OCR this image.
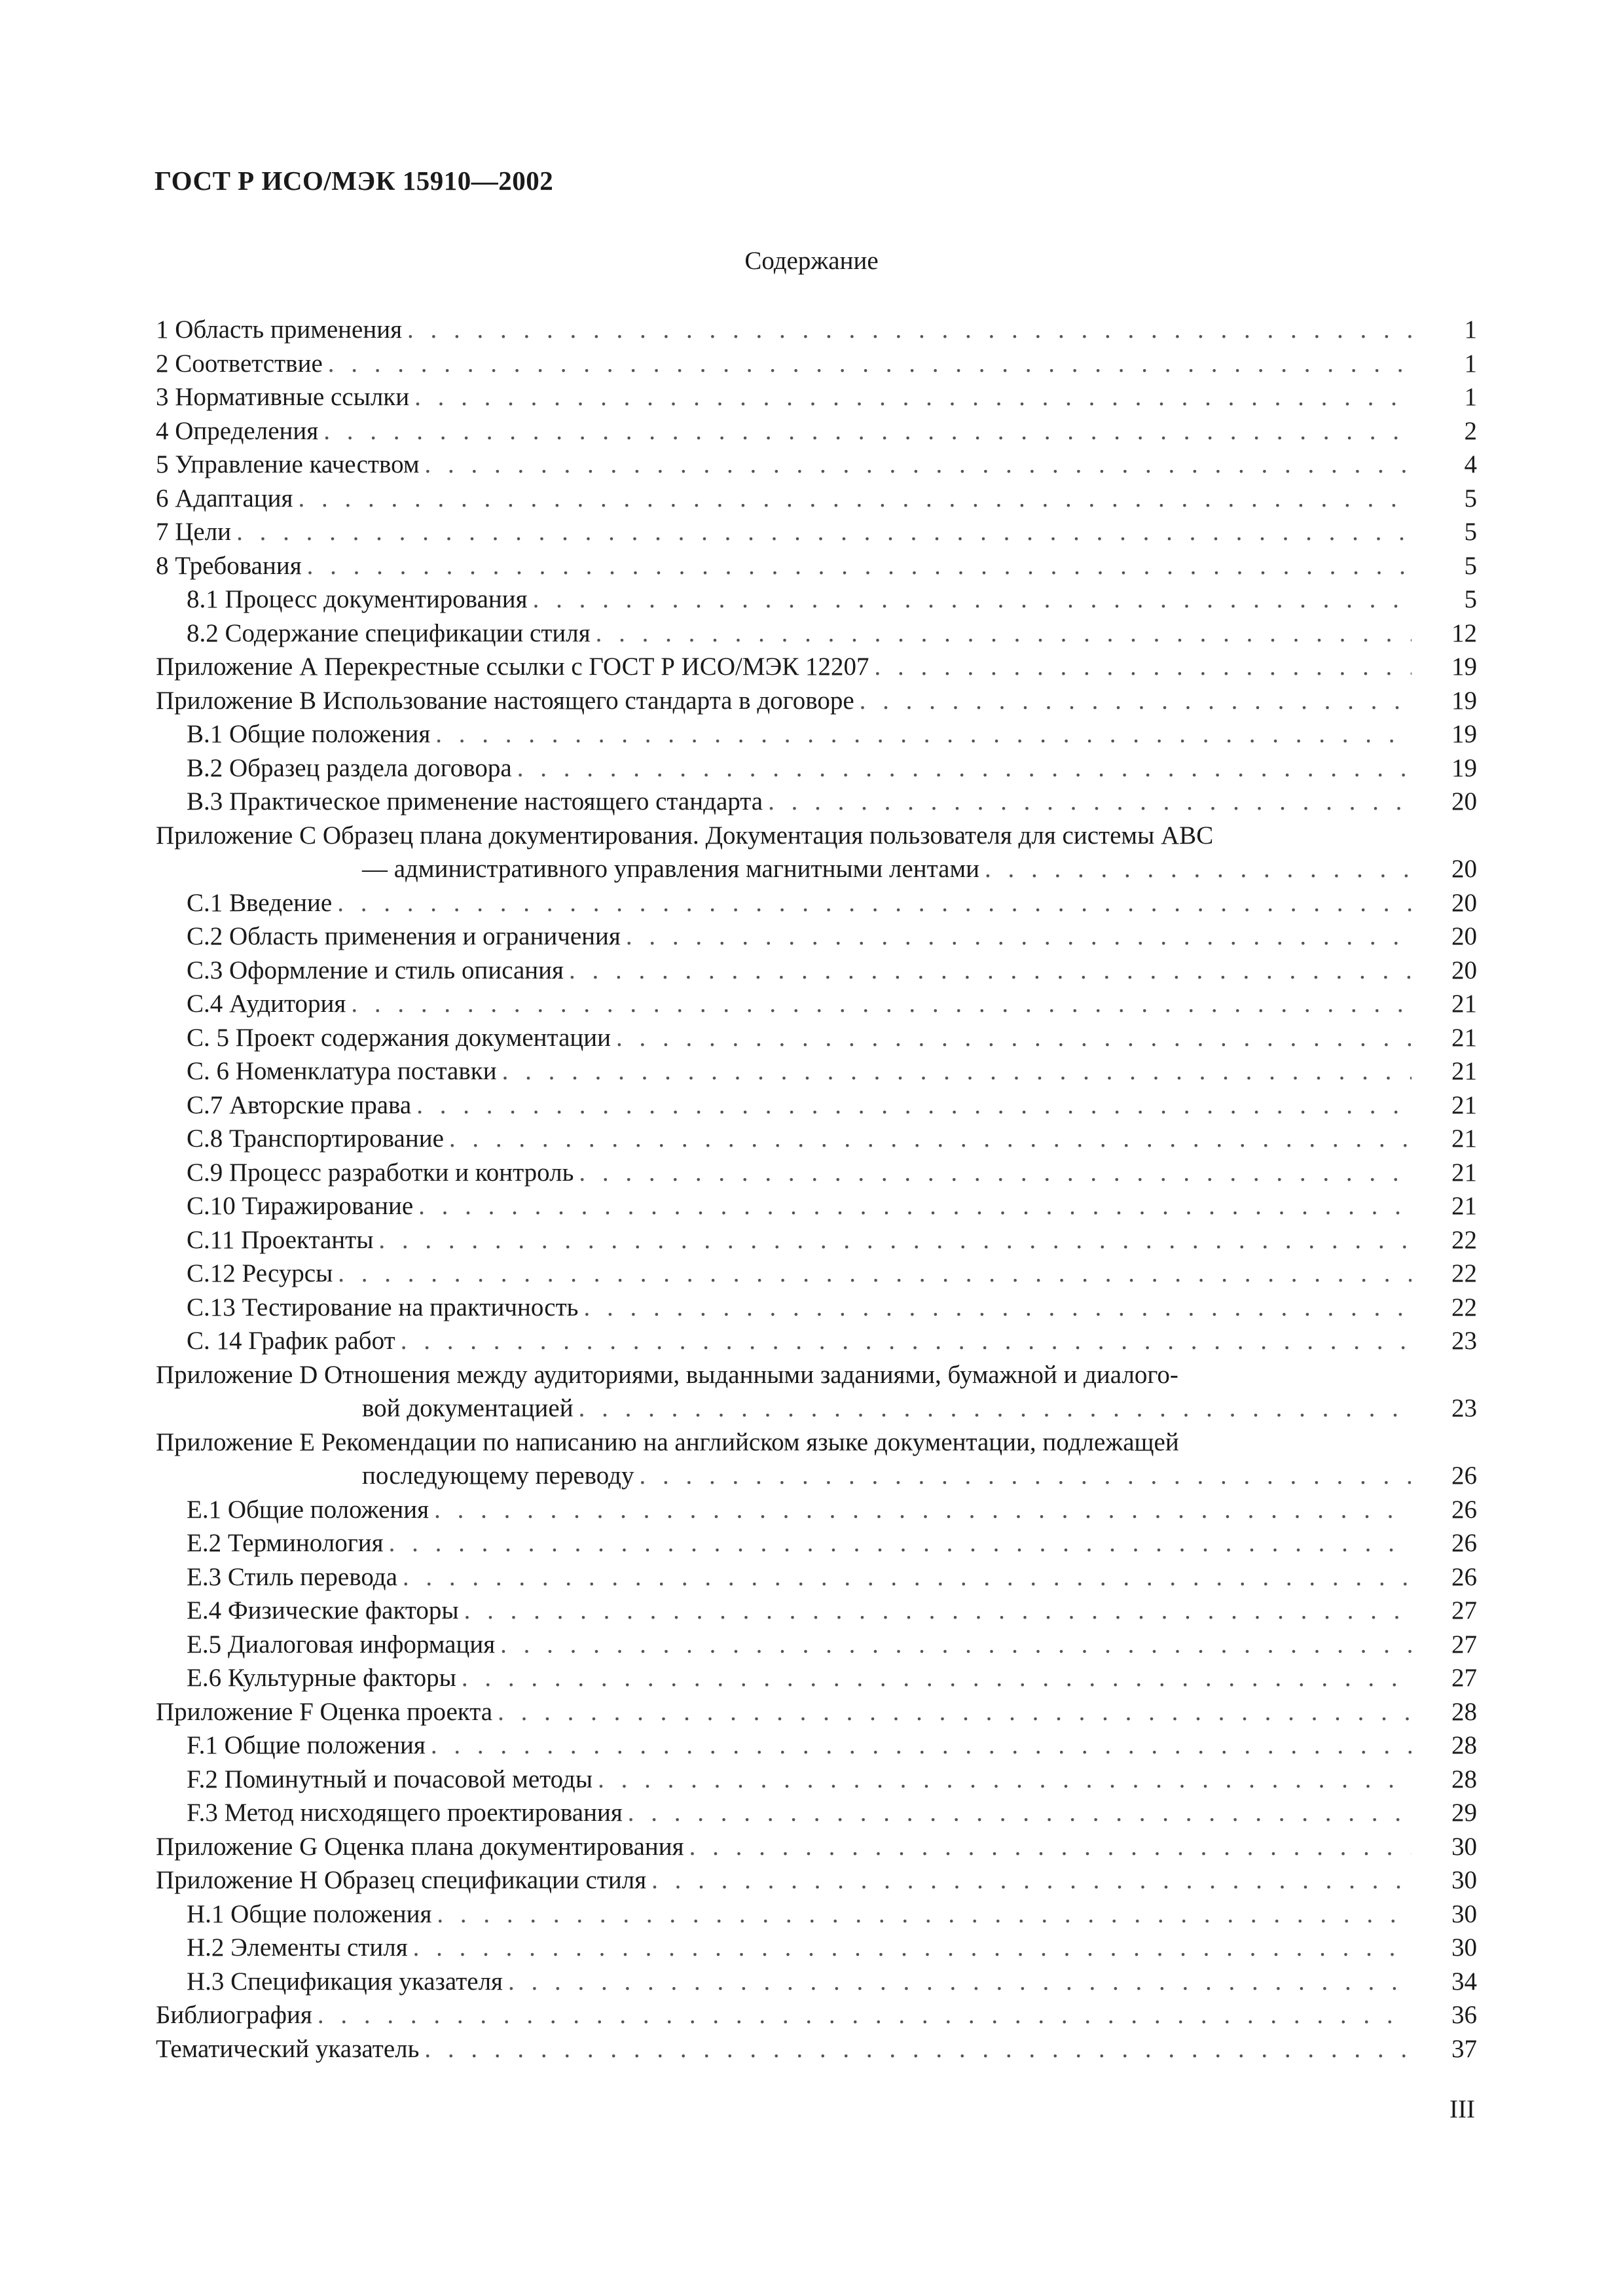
ГОСТ Р ИСО/МЭК 15910—2002
Содержание
1 Область применения . . .	1
2 Соответствие . . .	1
3 Нормативные ссылки . . .	1
4 Определения . . .	2
5 Управление качеством . . .	4
6 Адаптация . . .	5
7 Цели . . .	5
8 Требования . . .	5
8.1 Процесс документирования . . .	5
8.2 Содержание спецификации стиля . . .	12
Приложение А Перекрестные ссылки с ГОСТ Р ИСО/МЭК 12207 . . .	19
Приложение В Использование настоящего стандарта в договоре . . .	19
В.1 Общие положения . . .	19
В.2 Образец раздела договора . . .	19
В.3 Практическое применение настоящего стандарта . . .	20
Приложение С Образец плана документирования. Документация пользователя для системы АВС
— административного управления магнитными лентами . . .	20
С.1 Введение . . .	20
С.2 Область применения и ограничения . . .	20
С.3 Оформление и стиль описания . . .	20
С.4 Аудитория . . .	21
С. 5 Проект содержания документации . . .	21
С. 6 Номенклатура поставки . . .	21
С.7 Авторские права . . .	21
С.8 Транспортирование . . .	21
С.9 Процесс разработки и контроль . . .	21
С.10 Тиражирование . . .	21
С.11 Проектанты . . .	22
С.12 Ресурсы . . .	22
С.13 Тестирование на практичность . . .	22
С. 14 График работ . . .	23
Приложение D Отношения между аудиториями, выданными заданиями, бумажной и диалого-
вой документацией . . .	23
Приложение Е Рекомендации по написанию на английском языке документации, подлежащей
последующему переводу . . .	26
Е.1 Общие положения . . .	26
Е.2 Терминология . . .	26
Е.3 Стиль перевода . . .	26
Е.4 Физические факторы . . .	27
Е.5 Диалоговая информация . . .	27
Е.6 Культурные факторы . . .	27
Приложение F Оценка проекта . . .	28
F.1 Общие положения . . .	28
F.2 Поминутный и почасовой методы . . .	28
F.3 Метод нисходящего проектирования . . .	29
Приложение G Оценка плана документирования . . .	30
Приложение Н Образец спецификации стиля . . .	30
Н.1 Общие положения . . .	30
Н.2 Элементы стиля . . .	30
Н.3 Спецификация указателя . . .	34
Библиография . . .	36
Тематический указатель . . .	37
III
